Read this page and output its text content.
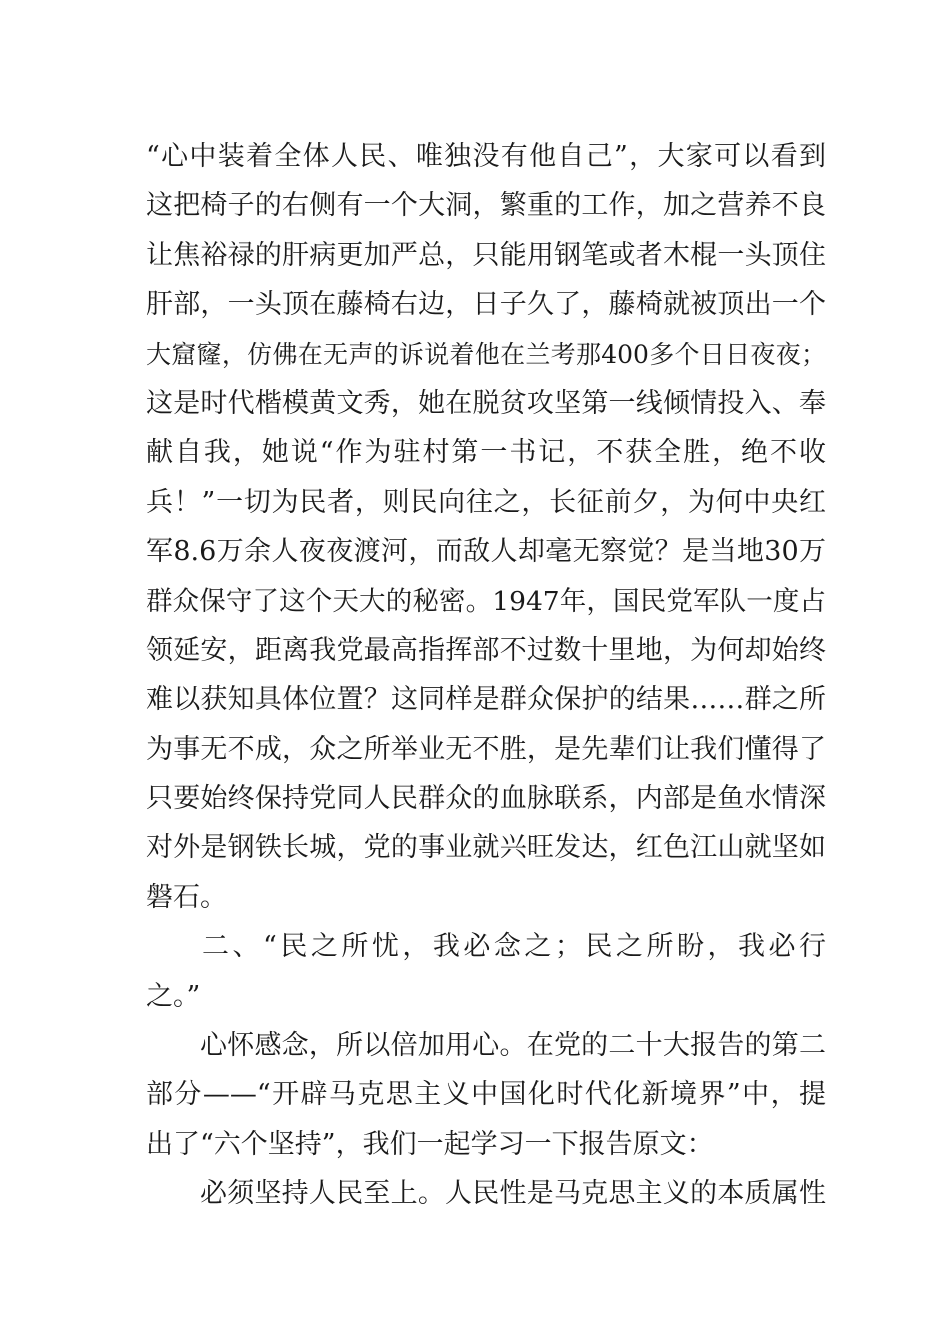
“心中装着全体人民、唯独没有他自己”，大家可以看到
这把椅子的右侧有一个大洞，繁重的工作，加之营养不良
让焦裕禄的肝病更加严总，只能用钢笔或者木棍一头顶住
肝部，一头顶在藤椅右边，日子久了，藤椅就被顶出一个
大窟窿，仿佛在无声的诉说着他在兰考那400多个日日夜夜；
这是时代楷模黄文秀，她在脱贫攻坚第一线倾情投入、奉
献自我，她说“作为驻村第一书记，不获全胜，绝不收
兵！”一切为民者，则民向往之，长征前夕，为何中央红
军8.6万余人夜夜渡河，而敌人却毫无察觉？是当地30万
群众保守了这个天大的秘密。1947年，国民党军队一度占
领延安，距离我党最高指挥部不过数十里地，为何却始终
难以获知具体位置？这同样是群众保护的结果……群之所
为事无不成，众之所举业无不胜，是先辈们让我们懂得了
只要始终保持党同人民群众的血脉联系，内部是鱼水情深
对外是钢铁长城，党的事业就兴旺发达，红色江山就坚如
磐石。
二、“民之所忧，我必念之；民之所盼，我必行
之。”
心怀感念，所以倍加用心。在党的二十大报告的第二
部分——“开辟马克思主义中国化时代化新境界”中，提
出了“六个坚持”，我们一起学习一下报告原文：
必须坚持人民至上。人民性是马克思主义的本质属性
